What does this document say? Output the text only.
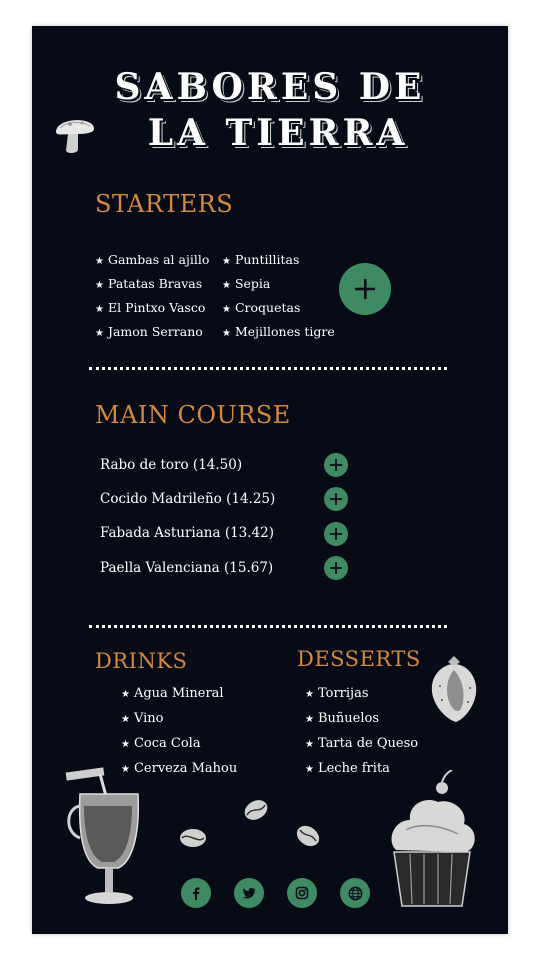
SABORES DE
LA TIERRA
STARTERS
★ Gambas al ajillo
★ Patatas Bravas
★ El Pintxo Vasco
★ Jamon Serrano
★ Puntillitas
★ Sepia
★ Croquetas
★ Mejillones tigre
MAIN COURSE
Rabo de toro (14.50)
Cocido Madrileño (14.25)
Fabada Asturiana (13.42)
Paella Valenciana (15.67)
DRINKS
★ Agua Mineral
★ Vino
★ Coca Cola
★ Cerveza Mahou
DESSERTS
★ Torrijas
★ Buñuelos
★ Tarta de Queso
★ Leche frita
